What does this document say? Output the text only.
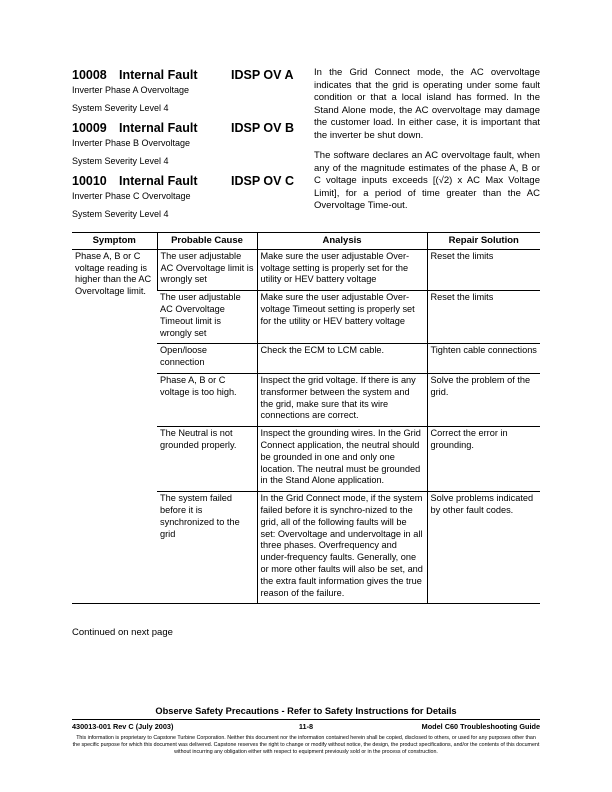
10008 Internal Fault	IDSP OV A
Inverter Phase A Overvoltage
System Severity Level 4
10009 Internal Fault	IDSP OV B
Inverter Phase B Overvoltage
System Severity Level 4
10010 Internal Fault	IDSP OV C
Inverter Phase C Overvoltage
System Severity Level 4

In the Grid Connect mode, the AC overvoltage indicates that the grid is operating under some fault condition or that a local island has formed. In the Stand Alone mode, the AC overvoltage may damage the customer load. In either case, it is important that the inverter be shut down.

The software declares an AC overvoltage fault, when any of the magnitude estimates of the phase A, B or C voltage inputs exceeds [(√2) x AC Max Voltage Limit], for a period of time greater than the AC Overvoltage Time-out.

Symptom	Probable Cause	Analysis	Repair Solution
Phase A, B or C voltage reading is higher than the AC Overvoltage limit.	The user adjustable AC Overvoltage limit is wrongly set	Make sure the user adjustable Over-voltage setting is properly set for the utility or HEV battery voltage	Reset the limits
	The user adjustable AC Overvoltage Timeout limit is wrongly set	Make sure the user adjustable Over-voltage Timeout setting is properly set for the utility or HEV battery voltage	Reset the limits
	Open/loose connection	Check the ECM to LCM cable.	Tighten cable connections
	Phase A, B or C voltage is too high.	Inspect the grid voltage. If there is any transformer between the system and the grid, make sure that its wire connections are correct.	Solve the problem of the grid.
	The Neutral is not grounded properly.	Inspect the grounding wires. In the Grid Connect application, the neutral should be grounded in one and only one location. The neutral must be grounded in the Stand Alone application.	Correct the error in grounding.
	The system failed before it is synchronized to the grid	In the Grid Connect mode, if the system failed before it is synchro-nized to the grid, all of the following faults will be set: Overvoltage and undervoltage in all three phases. Overfrequency and under-frequency faults. Generally, one or more other faults will also be set, and the extra fault information gives the true reason of the failure.	Solve problems indicated by other fault codes.
Continued on next page
Observe Safety Precautions - Refer to Safety Instructions for Details
430013-001 Rev C (July 2003)	11-8	Model C60 Troubleshooting Guide
This information is proprietary to Capstone Turbine Corporation. Neither this document nor the information contained herein shall be copied, disclosed to others, or used for any purposes other than the specific purpose for which this document was delivered. Capstone reserves the right to change or modify without notice, the design, the product specifications, and/or the contents of this document without incurring any obligation either with respect to equipment previously sold or in the process of construction.
